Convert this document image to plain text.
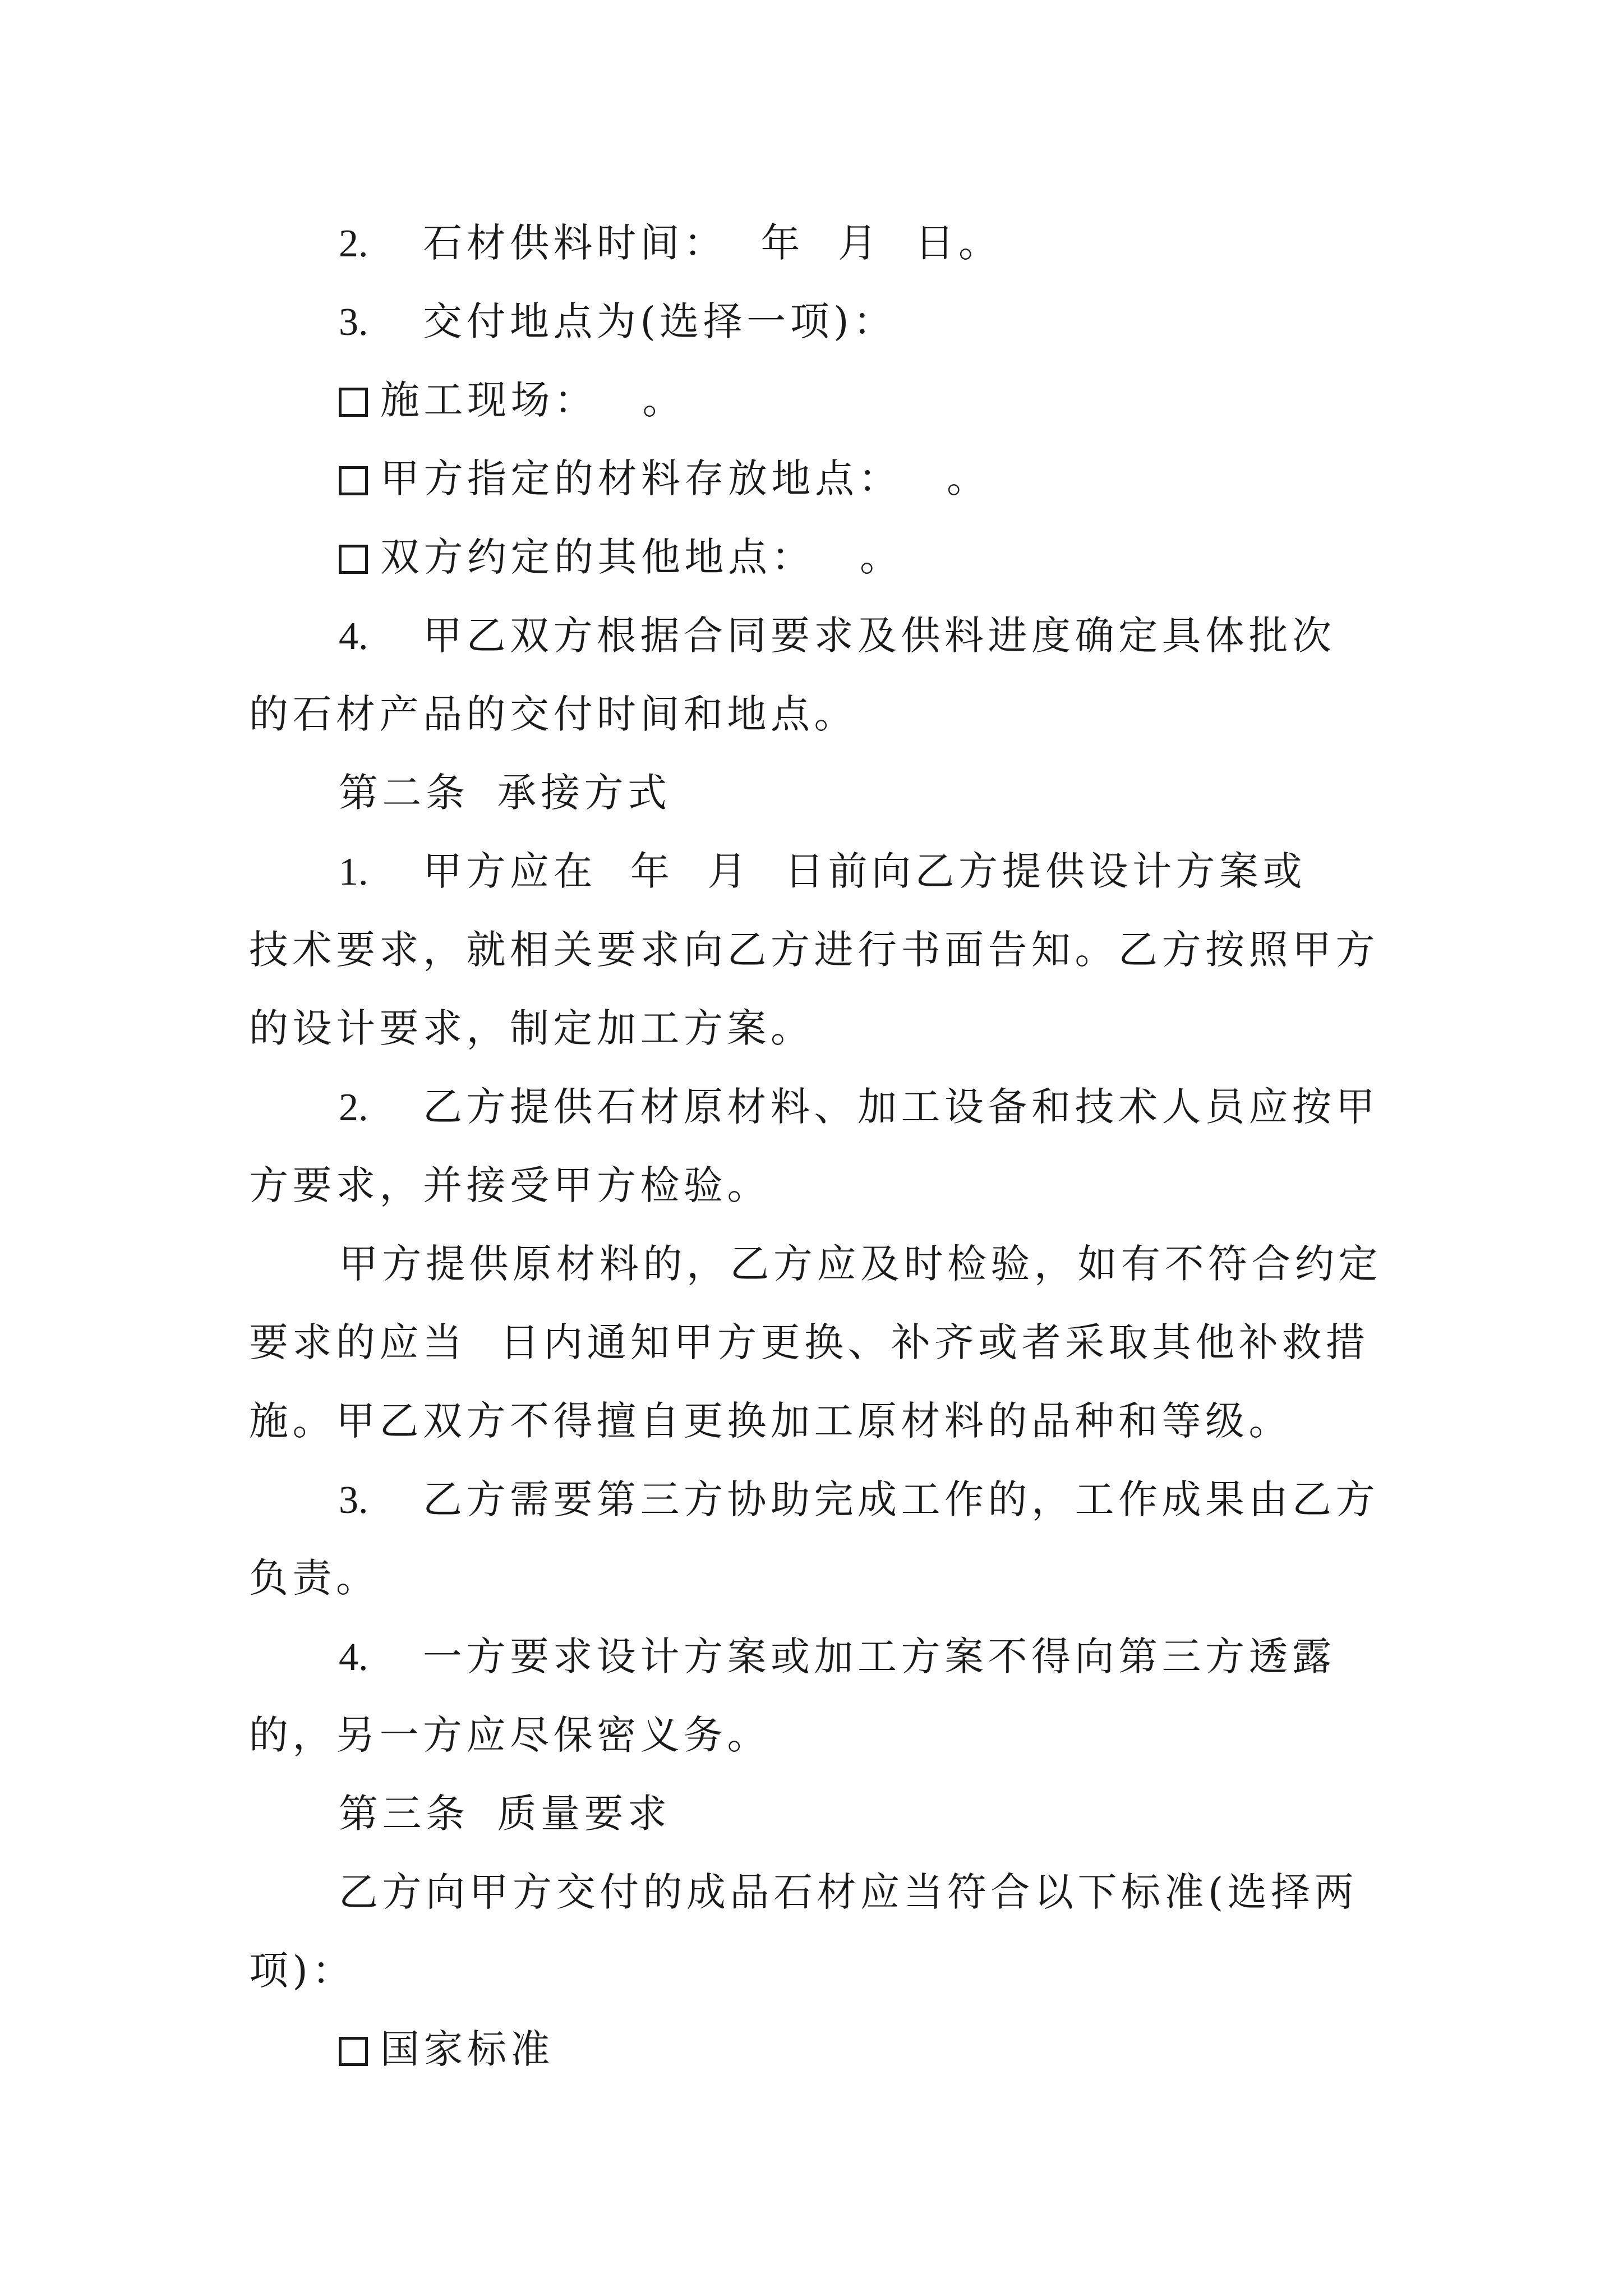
2. 石材供料时间： 年 月 日。
3. 交付地点为(选择一项)：
施工现场： 。
甲方指定的材料存放地点： 。
双方约定的其他地点： 。
4. 甲乙双方根据合同要求及供料进度确定具体批次
的石材产品的交付时间和地点。
第二条 承接方式
1. 甲方应在 年 月 日前向乙方提供设计方案或
技术要求，就相关要求向乙方进行书面告知。乙方按照甲方
的设计要求，制定加工方案。
2. 乙方提供石材原材料、加工设备和技术人员应按甲
方要求，并接受甲方检验。
甲方提供原材料的，乙方应及时检验，如有不符合约定
要求的应当 日内通知甲方更换、补齐或者采取其他补救措
施。甲乙双方不得擅自更换加工原材料的品种和等级。
3. 乙方需要第三方协助完成工作的，工作成果由乙方
负责。
4. 一方要求设计方案或加工方案不得向第三方透露
的，另一方应尽保密义务。
第三条 质量要求
乙方向甲方交付的成品石材应当符合以下标准(选择两
项)：
国家标准
